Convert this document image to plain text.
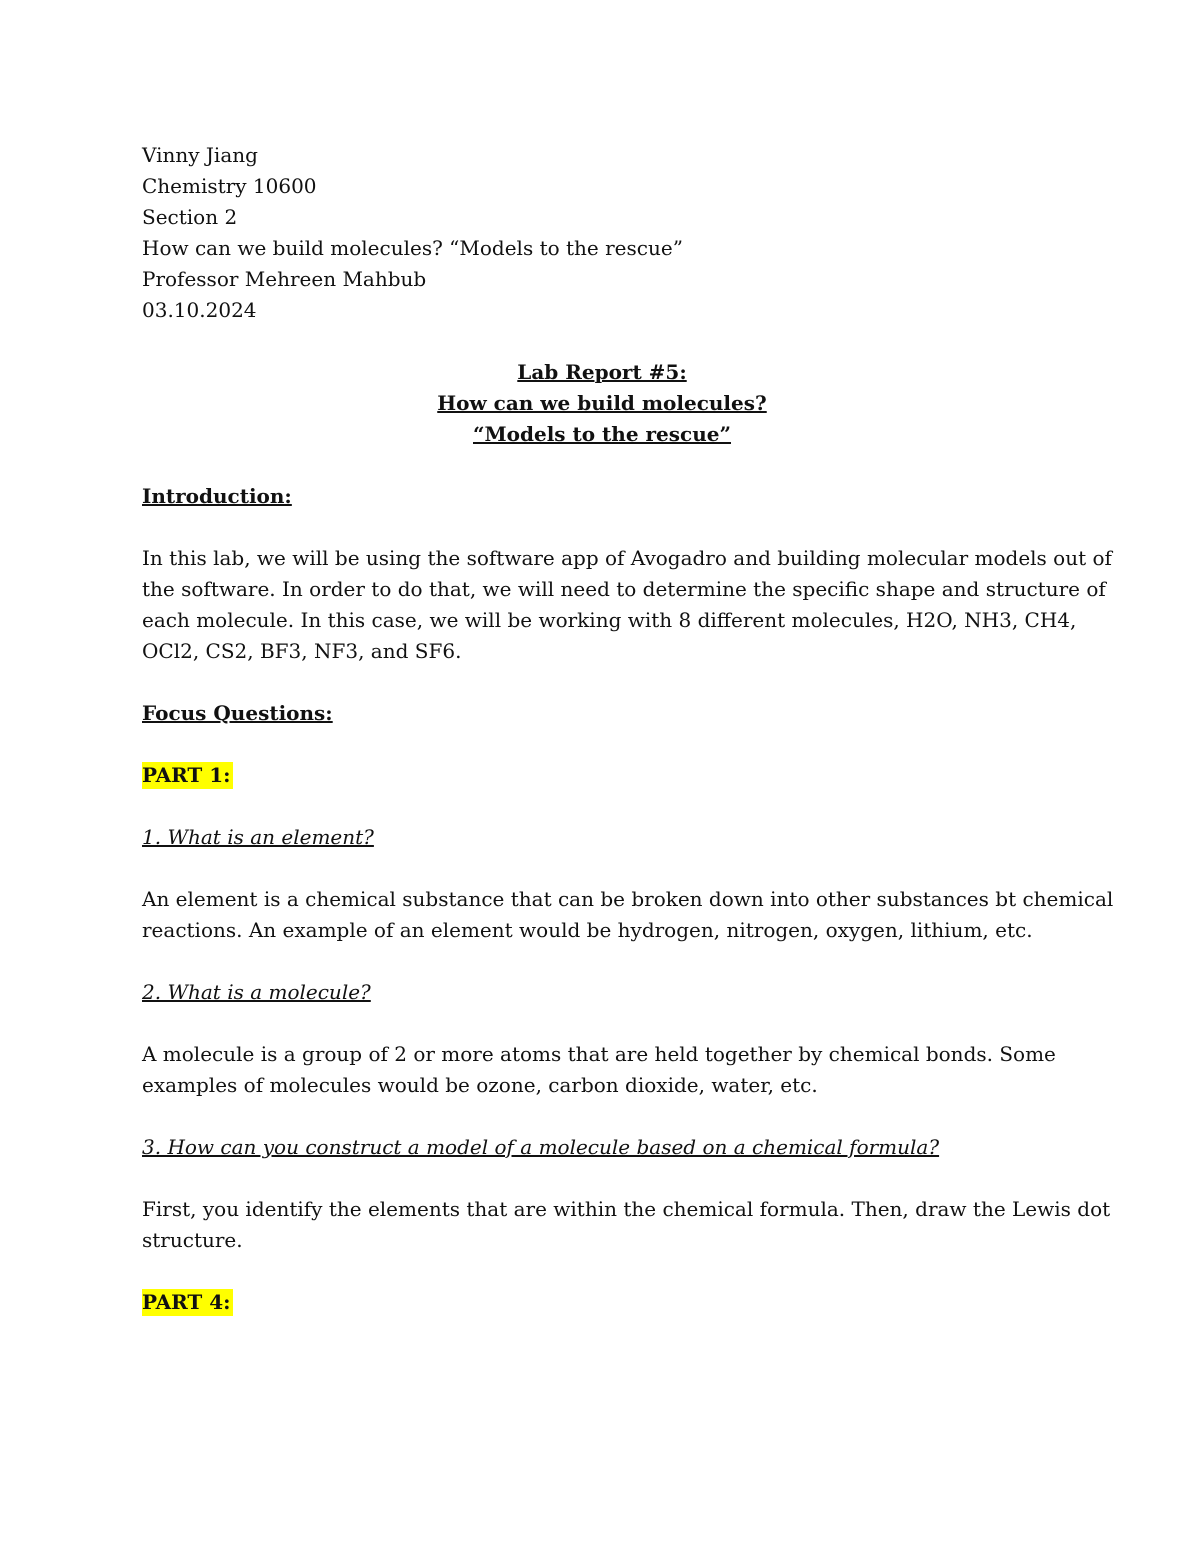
Vinny Jiang

Chemistry 10600

Section 2

How can we build molecules? “Models to the rescue”

Professor Mehreen Mahbub

03.10.2024

Lab Report #5:

How can we build molecules?

“Models to the rescue”

Introduction:

In this lab, we will be using the software app of Avogadro and building molecular models out of

the software. In order to do that, we will need to determine the specific shape and structure of

each molecule. In this case, we will be working with 8 different molecules, H2O, NH3, CH4,

OCl2, CS2, BF3, NF3, and SF6.

Focus Questions:

PART 1:

1. What is an element?

An element is a chemical substance that can be broken down into other substances bt chemical

reactions. An example of an element would be hydrogen, nitrogen, oxygen, lithium, etc.

2. What is a molecule?

A molecule is a group of 2 or more atoms that are held together by chemical bonds. Some

examples of molecules would be ozone, carbon dioxide, water, etc.

3. How can you construct a model of a molecule based on a chemical formula?

First, you identify the elements that are within the chemical formula. Then, draw the Lewis dot

structure.

PART 4:
